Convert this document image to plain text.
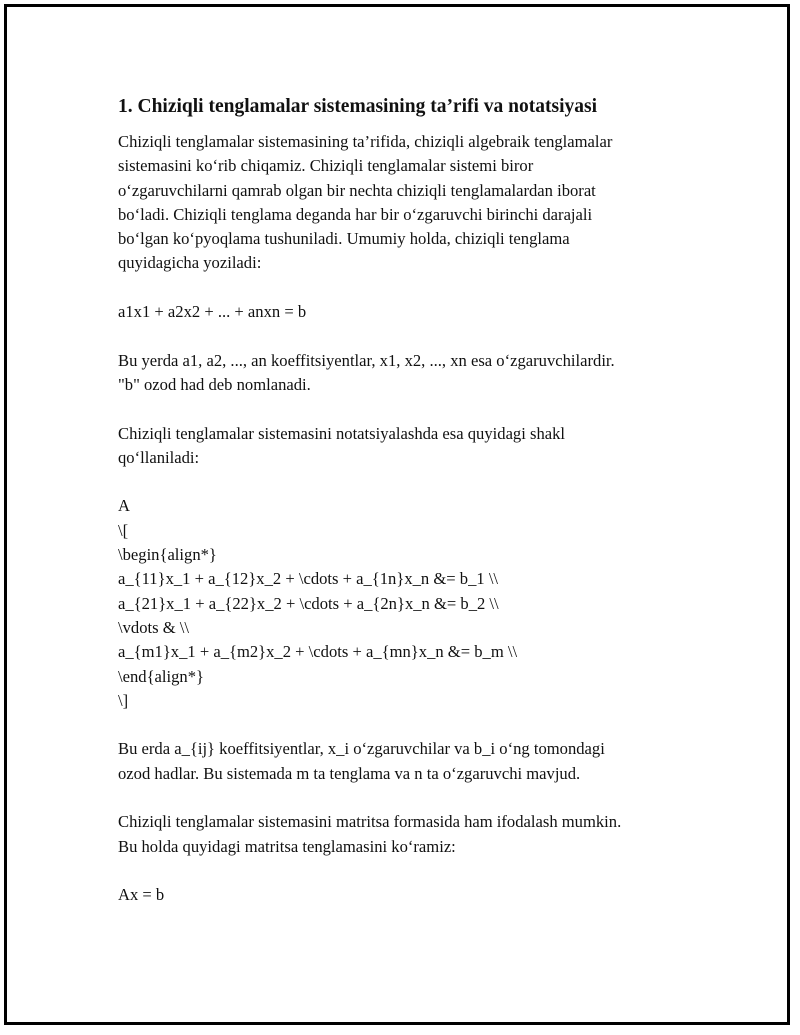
1. Chiziqli tenglamalar sistemasining ta’rifi va notatsiyasi

Chiziqli tenglamalar sistemasining ta’rifida, chiziqli algebraik tenglamalar
sistemasini ko‘rib chiqamiz. Chiziqli tenglamalar sistemi biror
o‘zgaruvchilarni qamrab olgan bir nechta chiziqli tenglamalardan iborat
bo‘ladi. Chiziqli tenglama deganda har bir o‘zgaruvchi birinchi darajali
bo‘lgan ko‘pyoqlama tushuniladi. Umumiy holda, chiziqli tenglama
quyidagicha yoziladi:

a1x1 + a2x2 + ... + anxn = b

Bu yerda a1, a2, ..., an koeffitsiyentlar, x1, x2, ..., xn esa o‘zgaruvchilardir.
"b" ozod had deb nomlanadi.

Chiziqli tenglamalar sistemasini notatsiyalashda esa quyidagi shakl
qo‘llaniladi:

A
\[
\begin{align*}
a_{11}x_1 + a_{12}x_2 + \cdots + a_{1n}x_n &= b_1 \\
a_{21}x_1 + a_{22}x_2 + \cdots + a_{2n}x_n &= b_2 \\
\vdots & \\
a_{m1}x_1 + a_{m2}x_2 + \cdots + a_{mn}x_n &= b_m \\
\end{align*}
\]

Bu erda a_{ij} koeffitsiyentlar, x_i o‘zgaruvchilar va b_i o‘ng tomondagi
ozod hadlar. Bu sistemada m ta tenglama va n ta o‘zgaruvchi mavjud.

Chiziqli tenglamalar sistemasini matritsa formasida ham ifodalash mumkin.
Bu holda quyidagi matritsa tenglamasini ko‘ramiz:

Ax = b
